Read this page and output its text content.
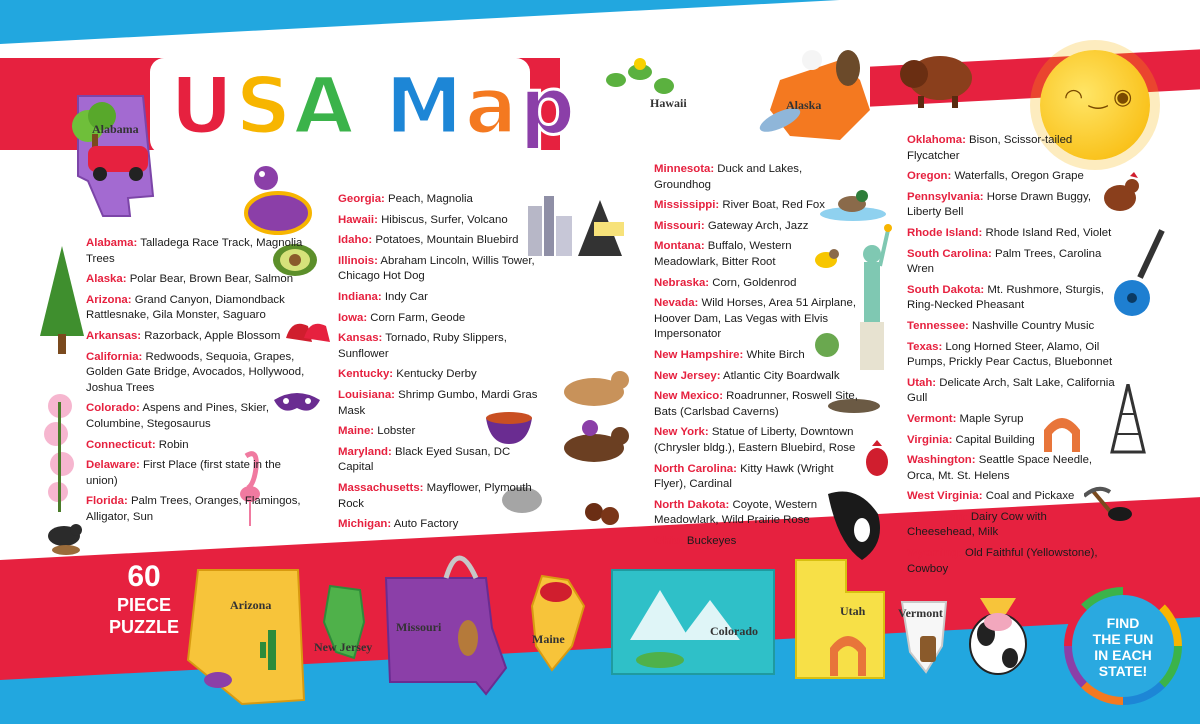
USA Map
Alabama
Hawaii	Alaska	◠ ‿ ◉
Alabama: Talladega Race Track, Magnolia Trees
Alaska: Polar Bear, Brown Bear, Salmon
Arizona: Grand Canyon, Diamondback Rattlesnake, Gila Monster, Saguaro
Arkansas: Razorback, Apple Blossom
California: Redwoods, Sequoia, Grapes, Golden Gate Bridge, Avocados, Hollywood, Joshua Trees
Colorado: Aspens and Pines, Skier, Columbine, Stegosaurus
Connecticut: Robin
Delaware: First Place (first state in the union)
Florida: Palm Trees, Oranges, Flamingos, Alligator, Sun
Georgia: Peach, Magnolia
Hawaii: Hibiscus, Surfer, Volcano
Idaho: Potatoes, Mountain Bluebird
Illinois: Abraham Lincoln, Willis Tower, Chicago Hot Dog
Indiana: Indy Car
Iowa: Corn Farm, Geode
Kansas: Tornado, Ruby Slippers, Sunflower
Kentucky: Kentucky Derby
Louisiana: Shrimp Gumbo, Mardi Gras Mask
Maine: Lobster
Maryland: Black Eyed Susan, DC Capital
Massachusetts: Mayflower, Plymouth Rock
Michigan: Auto Factory
Minnesota: Duck and Lakes, Groundhog
Mississippi: River Boat, Red Fox
Missouri: Gateway Arch, Jazz
Montana: Buffalo, Western Meadowlark, Bitter Root
Nebraska: Corn, Goldenrod
Nevada: Wild Horses, Area 51 Airplane, Hoover Dam, Las Vegas with Elvis Impersonator
New Hampshire: White Birch
New Jersey: Atlantic City Boardwalk
New Mexico: Roadrunner, Roswell Site, Bats (Carlsbad Caverns)
New York: Statue of Liberty, Downtown (Chrysler bldg.), Eastern Bluebird, Rose
North Carolina: Kitty Hawk (Wright Flyer), Cardinal
North Dakota: Coyote, Western Meadowlark, Wild Prairie Rose
Ohio: Buckeyes
Oklahoma: Bison, Scissor-tailed Flycatcher
Oregon: Waterfalls, Oregon Grape
Pennsylvania: Horse Drawn Buggy, Liberty Bell
Rhode Island: Rhode Island Red, Violet
South Carolina: Palm Trees, Carolina Wren
South Dakota: Mt. Rushmore, Sturgis, Ring-Necked Pheasant
Tennessee: Nashville Country Music
Texas: Long Horned Steer, Alamo, Oil Pumps, Prickly Pear Cactus, Bluebonnet
Utah: Delicate Arch, Salt Lake, California Gull
Vermont: Maple Syrup
Virginia: Capital Building
Washington: Seattle Space Needle, Orca, Mt. St. Helens
West Virginia: Coal and Pickaxe
Wisconsin: Dairy Cow with Cheesehead, Milk
Wyoming: Old Faithful (Yellowstone), Cowboy
Arizona
New Jersey
Missouri
Maine
Colorado
Utah	Vermont
60
PIECE
PUZZLE	FIND
THE FUN
IN EACH
STATE!
